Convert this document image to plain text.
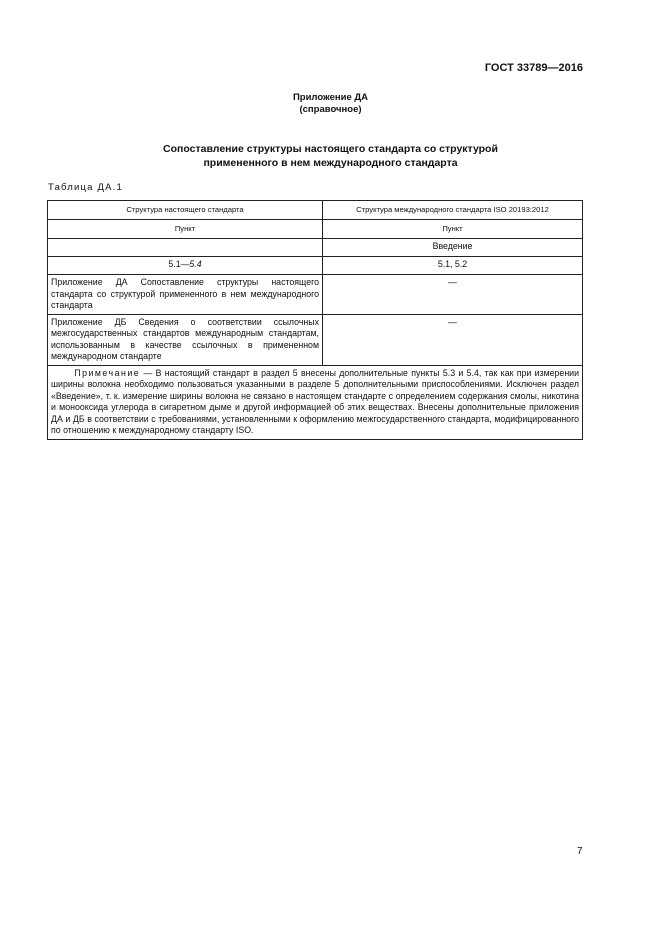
ГОСТ 33789—2016
Приложение ДА
(справочное)
Сопоставление структуры настоящего стандарта со структурой
примененного в нем международного стандарта
Таблица ДА.1
Структура настоящего стандарта	Структура международного стандарта ISO 20193:2012
Пункт	Пункт
	Введение
5.1—5.4	5.1, 5.2
Приложение ДА Сопоставление структуры настоящего стандарта со структурой примененного в нем международного стандарта	—
Приложение ДБ Сведения о соответствии ссылочных межгосударственных стандартов международным стандартам, использованным в качестве ссылочных в примененном международном стандарте	—
Примечание — В настоящий стандарт в раздел 5 внесены дополнительные пункты 5.3 и 5.4, так как при измерении ширины волокна необходимо пользоваться указанными в разделе 5 дополнительными приспособлениями. Исключен раздел «Введение», т. к. измерение ширины волокна не связано в настоящем стандарте с определением содержания смолы, никотина и монооксида углерода в сигаретном дыме и другой информацией об этих веществах. Внесены дополнительные приложения ДА и ДБ в соответствии с требованиями, установленными к оформлению межгосударственного стандарта, модифицированного по отношению к международному стандарту ISO.	
7
